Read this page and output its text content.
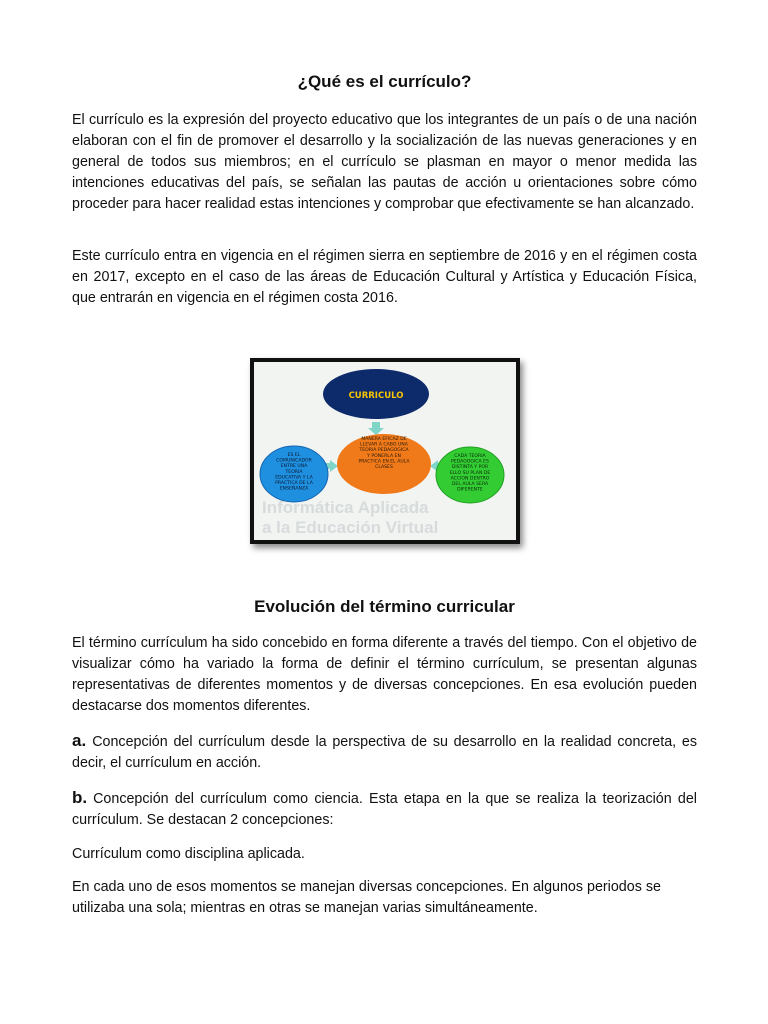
¿Qué es el currículo?

El currículo es la expresión del proyecto educativo que los integrantes de un país o de una nación elaboran con el fin de promover el desarrollo y la socialización de las nuevas generaciones y en general de todos sus miembros; en el currículo se plasman en mayor o menor medida las intenciones educativas del país, se señalan las pautas de acción u orientaciones sobre cómo proceder para hacer realidad estas intenciones y comprobar que efectivamente se han alcanzado.

Este currículo entra en vigencia en el régimen sierra en septiembre de 2016 y en el régimen costa en 2017, excepto en el caso de las áreas de Educación Cultural y Artística y Educación Física, que entrarán en vigencia en el régimen costa 2016.

Evolución del término curricular

El término currículum ha sido concebido en forma diferente a través del tiempo. Con el objetivo de visualizar cómo ha variado la forma de definir el término currículum, se presentan algunas representativas de diferentes momentos y de diversas concepciones. En esa evolución pueden destacarse dos momentos diferentes.

a. Concepción del currículum desde la perspectiva de su desarrollo en la realidad concreta, es decir, el currículum en acción.

b. Concepción del currículum como ciencia. Esta etapa en la que se realiza la teorización del currículum. Se destacan 2 concepciones:

Currículum como disciplina aplicada.

En cada uno de esos momentos se manejan diversas concepciones. En algunos periodos se utilizaba una sola; mientras en otras se manejan varias simultáneamente.

Informática Aplicada
a la Educación Virtual
CURRICULO
MANERA EFICAZ DE LLEVAR A CABO UNA TEORIA PEDAGOGICA Y PONERLA EN PRACTICA EN EL AULA CLASES
ES EL COMUNICADOR ENTRE UNA TEORIA EDUCATIVA Y LA PRACTICA DE LA ENSEÑANZA
CADA TEORIA PEDAGOGICA ES DISTINTA Y POR ELLO SU PLAN DE ACCION DENTRO DEL AULA SERA DIFERENTE
